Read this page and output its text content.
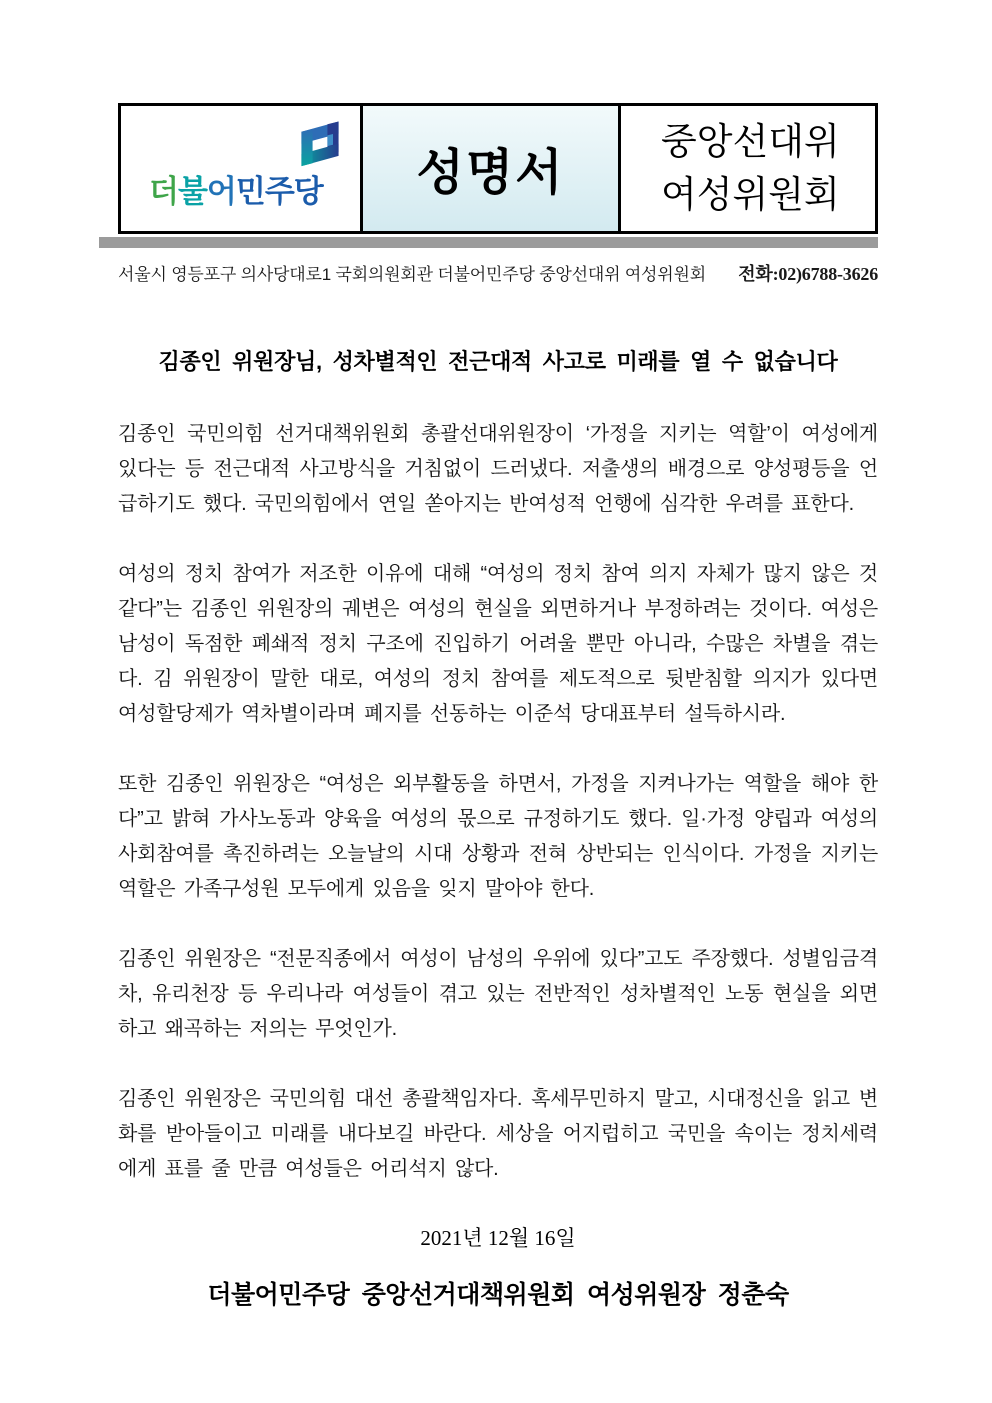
더불어민주당 성명서
중앙선대위
여성위원회
서울시 영등포구 의사당대로1 국회의원회관 더불어민주당 중앙선대위 여성위원회 전화:02)6788-3626
김종인 위원장님, 성차별적인 전근대적 사고로 미래를 열 수 없습니다

김종인 국민의힘 선거대책위원회 총괄선대위원장이 ‘가정을 지키는 역할’이 여성에게 있다는 등 전근대적 사고방식을 거침없이 드러냈다. 저출생의 배경으로 양성평등을 언급하기도 했다. 국민의힘에서 연일 쏟아지는 반여성적 언행에 심각한 우려를 표한다.

여성의 정치 참여가 저조한 이유에 대해 “여성의 정치 참여 의지 자체가 많지 않은 것 같다”는 김종인 위원장의 궤변은 여성의 현실을 외면하거나 부정하려는 것이다. 여성은 남성이 독점한 폐쇄적 정치 구조에 진입하기 어려울 뿐만 아니라, 수많은 차별을 겪는다. 김 위원장이 말한 대로, 여성의 정치 참여를 제도적으로 뒷받침할 의지가 있다면 여성할당제가 역차별이라며 폐지를 선동하는 이준석 당대표부터 설득하시라.

또한 김종인 위원장은 “여성은 외부활동을 하면서, 가정을 지켜나가는 역할을 해야 한다”고 밝혀 가사노동과 양육을 여성의 몫으로 규정하기도 했다. 일·가정 양립과 여성의 사회참여를 촉진하려는 오늘날의 시대 상황과 전혀 상반되는 인식이다. 가정을 지키는 역할은 가족구성원 모두에게 있음을 잊지 말아야 한다.

김종인 위원장은 “전문직종에서 여성이 남성의 우위에 있다”고도 주장했다. 성별임금격차, 유리천장 등 우리나라 여성들이 겪고 있는 전반적인 성차별적인 노동 현실을 외면하고 왜곡하는 저의는 무엇인가.

김종인 위원장은 국민의힘 대선 총괄책임자다. 혹세무민하지 말고, 시대정신을 읽고 변화를 받아들이고 미래를 내다보길 바란다. 세상을 어지럽히고 국민을 속이는 정치세력에게 표를 줄 만큼 여성들은 어리석지 않다.

2021년 12월 16일
더불어민주당 중앙선거대책위원회 여성위원장 정춘숙
